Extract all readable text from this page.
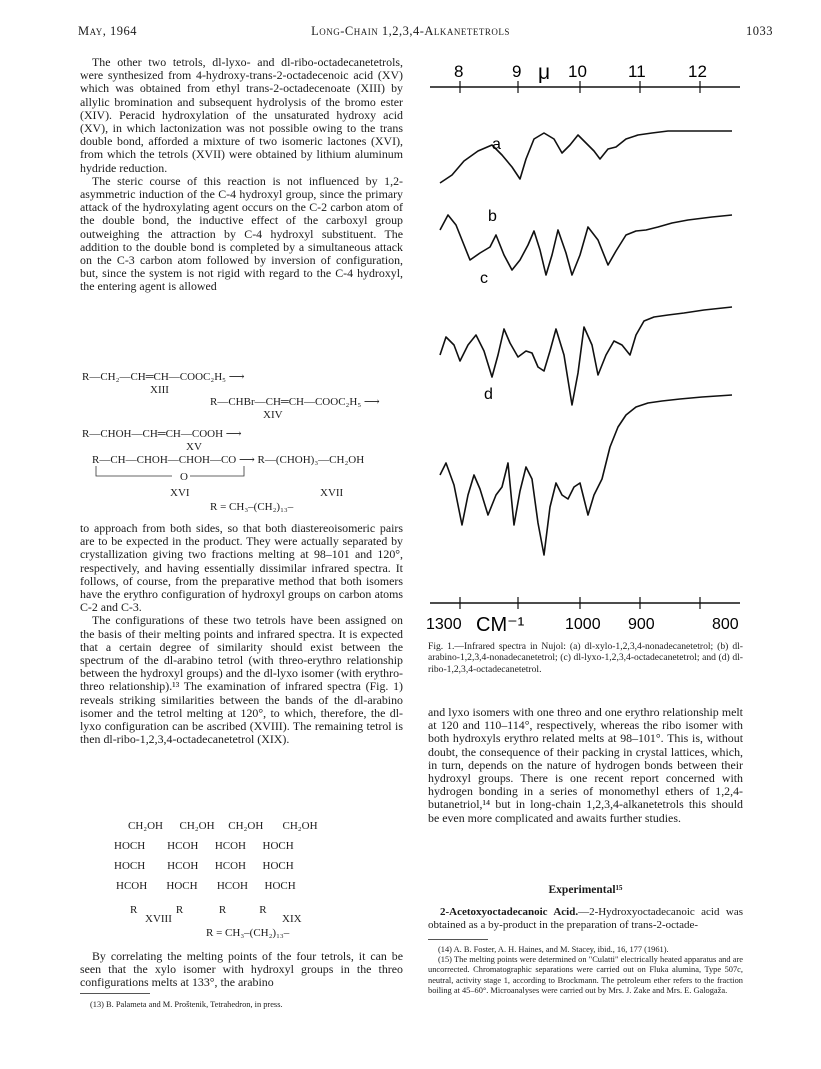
May, 1964	Long-Chain 1,2,3,4-Alkanetetrols	1033

The other two tetrols, dl-lyxo- and dl-ribo-octadecanetetrols, were synthesized from 4-hydroxy-trans-2-octadecenoic acid (XV) which was obtained from ethyl trans-2-octadecenoate (XIII) by allylic bromination and subsequent hydrolysis of the bromo ester (XIV). Peracid hydroxylation of the unsaturated hydroxy acid (XV), in which lactonization was not possible owing to the trans double bond, afforded a mixture of two isomeric lactones (XVI), from which the tetrols (XVII) were obtained by lithium aluminum hydride reduction.

The steric course of this reaction is not influenced by 1,2-asymmetric induction of the C-4 hydroxyl group, since the primary attack of the hydroxylating agent occurs on the C-2 carbon atom of the double bond, the inductive effect of the carboxyl group outweighing the attraction by C-4 hydroxyl substituent. The addition to the double bond is completed by a simultaneous attack on the C-3 carbon atom followed by inversion of configuration, but, since the system is not rigid with regard to the C-4 hydroxyl, the entering agent is allowed

R—CH₂—CH═CH—COOC₂H₅ ⟶
XIII
R—CHBr—CH═CH—COOC₂H₅ ⟶
XIV
R—CHOH—CH═CH—COOH ⟶
XV
R—CH—CHOH—CHOH—CO ⟶ R—(CHOH)₃—CH₂OH
O
XVI	XVII
R = CH₃–(CH₂)₁₃–

to approach from both sides, so that both diastereoisomeric pairs are to be expected in the product. They were actually separated by crystallization giving two fractions melting at 98–101 and 120°, respectively, and having essentially dissimilar infrared spectra. It follows, of course, from the preparative method that both isomers have the erythro configuration of hydroxyl groups on carbon atoms C-2 and C-3.

The configurations of these two tetrols have been assigned on the basis of their melting points and infrared spectra. It is expected that a certain degree of similarity should exist between the spectrum of the dl-arabino tetrol (with threo-erythro relationship between the hydroxyl groups) and the dl-lyxo isomer (with erythro-threo relationship).¹³ The examination of infrared spectra (Fig. 1) reveals striking similarities between the bands of the dl-arabino isomer and the tetrol melting at 120°, to which, therefore, the dl-lyxo configuration can be ascribed (XVIII). The remaining tetrol is then dl-ribo-1,2,3,4-octadecanetetrol (XIX).

CH₂OH      CH₂OH     CH₂OH       CH₂OH
HOCH        HCOH      HCOH      HOCH
HOCH        HCOH      HCOH      HOCH
HCOH       HOCH       HCOH      HOCH
R              R             R            R
XVIII	XIX
R = CH₃–(CH₂)₁₃–

By correlating the melting points of the four tetrols, it can be seen that the xylo isomer with hydroxyl groups in the threo configurations melts at 133°, the arabino

(13) B. Palameta and M. Proštenik, Tetrahedron, in press.

8	9 μ 10 11 12
1300 CM⁻¹	1000 900	800
a
b
c
d
Fig. 1.—Infrared spectra in Nujol: (a) dl-xylo-1,2,3,4-nonadecanetetrol; (b) dl-arabino-1,2,3,4-nonadecanetetrol; (c) dl-lyxo-1,2,3,4-octadecanetetrol; and (d) dl-ribo-1,2,3,4-octadecanetetrol.

and lyxo isomers with one threo and one erythro relationship melt at 120 and 110–114°, respectively, whereas the ribo isomer with both hydroxyls erythro related melts at 98–101°. This is, without doubt, the consequence of their packing in crystal lattices, which, in turn, depends on the nature of hydrogen bonds between their hydroxyl groups. There is one recent report concerned with hydrogen bonding in a series of monomethyl ethers of 1,2,4-butanetriol,¹⁴ but in long-chain 1,2,3,4-alkanetetrols this should be even more complicated and awaits further studies.

Experimental¹⁵

2-Acetoxyoctadecanoic Acid.—2-Hydroxyoctadecanoic acid was obtained as a by-product in the preparation of trans-2-octade-

(14) A. B. Foster, A. H. Haines, and M. Stacey, ibid., 16, 177 (1961).

(15) The melting points were determined on "Culatti" electrically heated apparatus and are uncorrected. Chromatographic separations were carried out on Fluka alumina, Type 507c, neutral, activity stage 1, according to Brockmann. The petroleum ether refers to the fraction boiling at 45–60°. Microanalyses were carried out by Mrs. J. Zake and Mrs. E. Galogaža.
